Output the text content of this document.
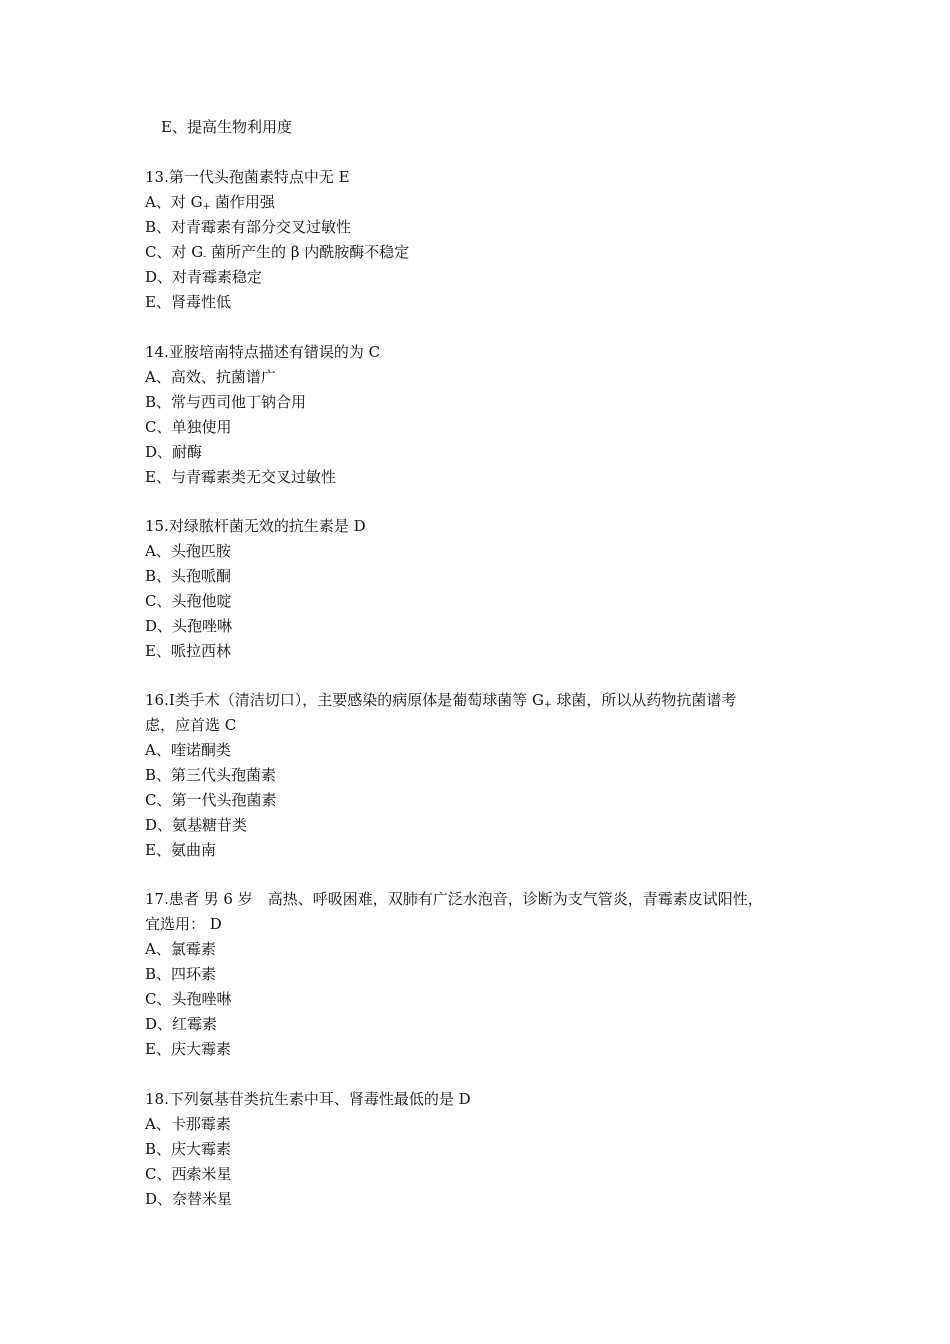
E、提高生物利用度
13.第一代头孢菌素特点中无 E
A、对 $G_+$ 菌作用强
B、对青霉素有部分交叉过敏性
C、对 $G_-$ 菌所产生的 β 内酰胺酶不稳定
D、对青霉素稳定
E、肾毒性低
14.亚胺培南特点描述有错误的为 C
A、高效、抗菌谱广
B、常与西司他丁钠合用
C、单独使用
D、耐酶
E、与青霉素类无交叉过敏性
15.对绿脓杆菌无效的抗生素是 D
A、头孢匹胺
B、头孢哌酮
C、头孢他啶
D、头孢唑啉
E、哌拉西林
16.Ⅰ类手术（清洁切口），主要感染的病原体是葡萄球菌等 $G_+$ 球菌，所以从药物抗菌谱考
虑，应首选 C
A、喹诺酮类
B、第三代头孢菌素
C、第一代头孢菌素
D、氨基糖苷类
E、氨曲南
17.患者 男 6 岁　高热、呼吸困难，双肺有广泛水泡音，诊断为支气管炎，青霉素皮试阳性，
宜选用： D
A、氯霉素
B、四环素
C、头孢唑啉
D、红霉素
E、庆大霉素
18.下列氨基苷类抗生素中耳、肾毒性最低的是 D
A、卡那霉素
B、庆大霉素
C、西索米星
D、奈替米星
